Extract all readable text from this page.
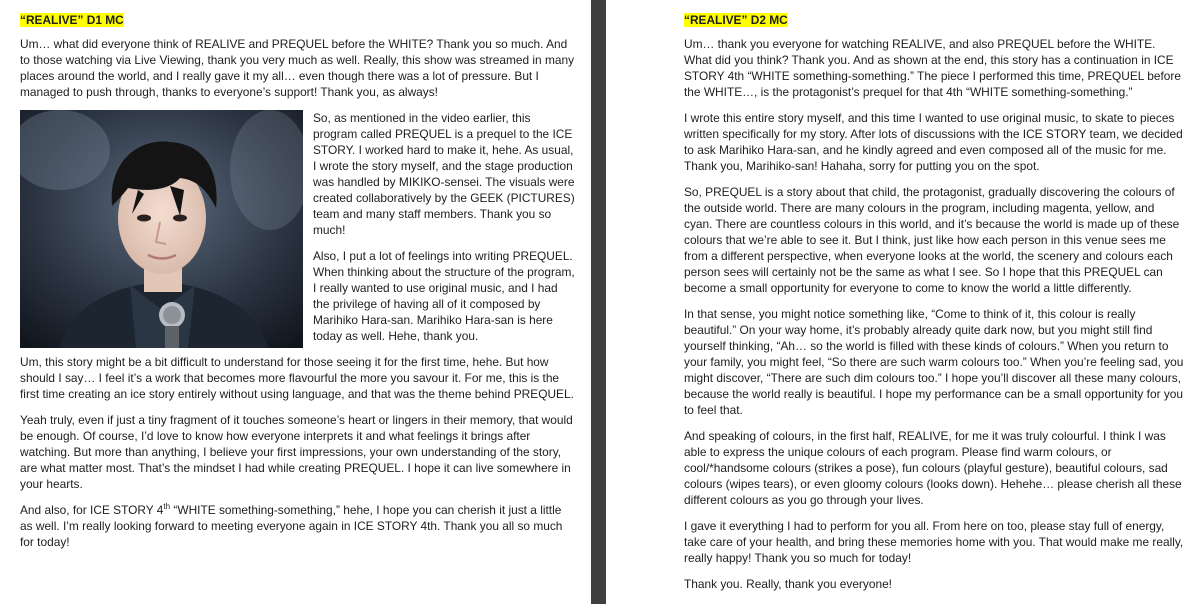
“REALIVE” D1 MC

Um… what did everyone think of REALIVE and PREQUEL before the WHITE? Thank you so much. And to those watching via Live Viewing, thank you very much as well. Really, this show was streamed in many places around the world, and I really gave it my all… even though there was a lot of pressure. But I managed to push through, thanks to everyone’s support! Thank you, as always!

So, as mentioned in the video earlier, this program called PREQUEL is a prequel to the ICE STORY. I worked hard to make it, hehe. As usual, I wrote the story myself, and the stage production was handled by MIKIKO-sensei. The visuals were created collaboratively by the GEEK (PICTURES) team and many staff members. Thank you so much!

Also, I put a lot of feelings into writing PREQUEL. When thinking about the structure of the program, I really wanted to use original music, and I had the privilege of having all of it composed by Marihiko Hara-san. Marihiko Hara-san is here today as well. Hehe, thank you.

Um, this story might be a bit difficult to understand for those seeing it for the first time, hehe. But how should I say… I feel it’s a work that becomes more flavourful the more you savour it. For me, this is the first time creating an ice story entirely without using language, and that was the theme behind PREQUEL.

Yeah truly, even if just a tiny fragment of it touches someone’s heart or lingers in their memory, that would be enough. Of course, I’d love to know how everyone interprets it and what feelings it brings after watching. But more than anything, I believe your first impressions, your own understanding of the story, are what matter most. That’s the mindset I had while creating PREQUEL. I hope it can live somewhere in your hearts.

And also, for ICE STORY 4th “WHITE something-something,” hehe, I hope you can cherish it just a little as well. I’m really looking forward to meeting everyone again in ICE STORY 4th. Thank you all so much for today!

“REALIVE” D2 MC

Um… thank you everyone for watching REALIVE, and also PREQUEL before the WHITE. What did you think? Thank you. And as shown at the end, this story has a continuation in ICE STORY 4th “WHITE something-something.” The piece I performed this time, PREQUEL before the WHITE…, is the protagonist’s prequel for that 4th “WHITE something-something.”

I wrote this entire story myself, and this time I wanted to use original music, to skate to pieces written specifically for my story. After lots of discussions with the ICE STORY team, we decided to ask Marihiko Hara-san, and he kindly agreed and even composed all of the music for me. Thank you, Marihiko-san! Hahaha, sorry for putting you on the spot.

So, PREQUEL is a story about that child, the protagonist, gradually discovering the colours of the outside world. There are many colours in the program, including magenta, yellow, and cyan. There are countless colours in this world, and it’s because the world is made up of these colours that we’re able to see it. But I think, just like how each person in this venue sees me from a different perspective, when everyone looks at the world, the scenery and colours each person sees will certainly not be the same as what I see. So I hope that this PREQUEL can become a small opportunity for everyone to come to know the world a little differently.

In that sense, you might notice something like, “Come to think of it, this colour is really beautiful.” On your way home, it’s probably already quite dark now, but you might still find yourself thinking, “Ah… so the world is filled with these kinds of colours.” When you return to your family, you might feel, “So there are such warm colours too.” When you’re feeling sad, you might discover, “There are such dim colours too.” I hope you’ll discover all these many colours, because the world really is beautiful. I hope my performance can be a small opportunity for you to feel that.

And speaking of colours, in the first half, REALIVE, for me it was truly colourful. I think I was able to express the unique colours of each program. Please find warm colours, or cool/*handsome colours (strikes a pose), fun colours (playful gesture), beautiful colours, sad colours (wipes tears), or even gloomy colours (looks down). Hehehe… please cherish all these different colours as you go through your lives.

I gave it everything I had to perform for you all. From here on too, please stay full of energy, take care of your health, and bring these memories home with you. That would make me really, really happy! Thank you so much for today!

Thank you. Really, thank you everyone!
